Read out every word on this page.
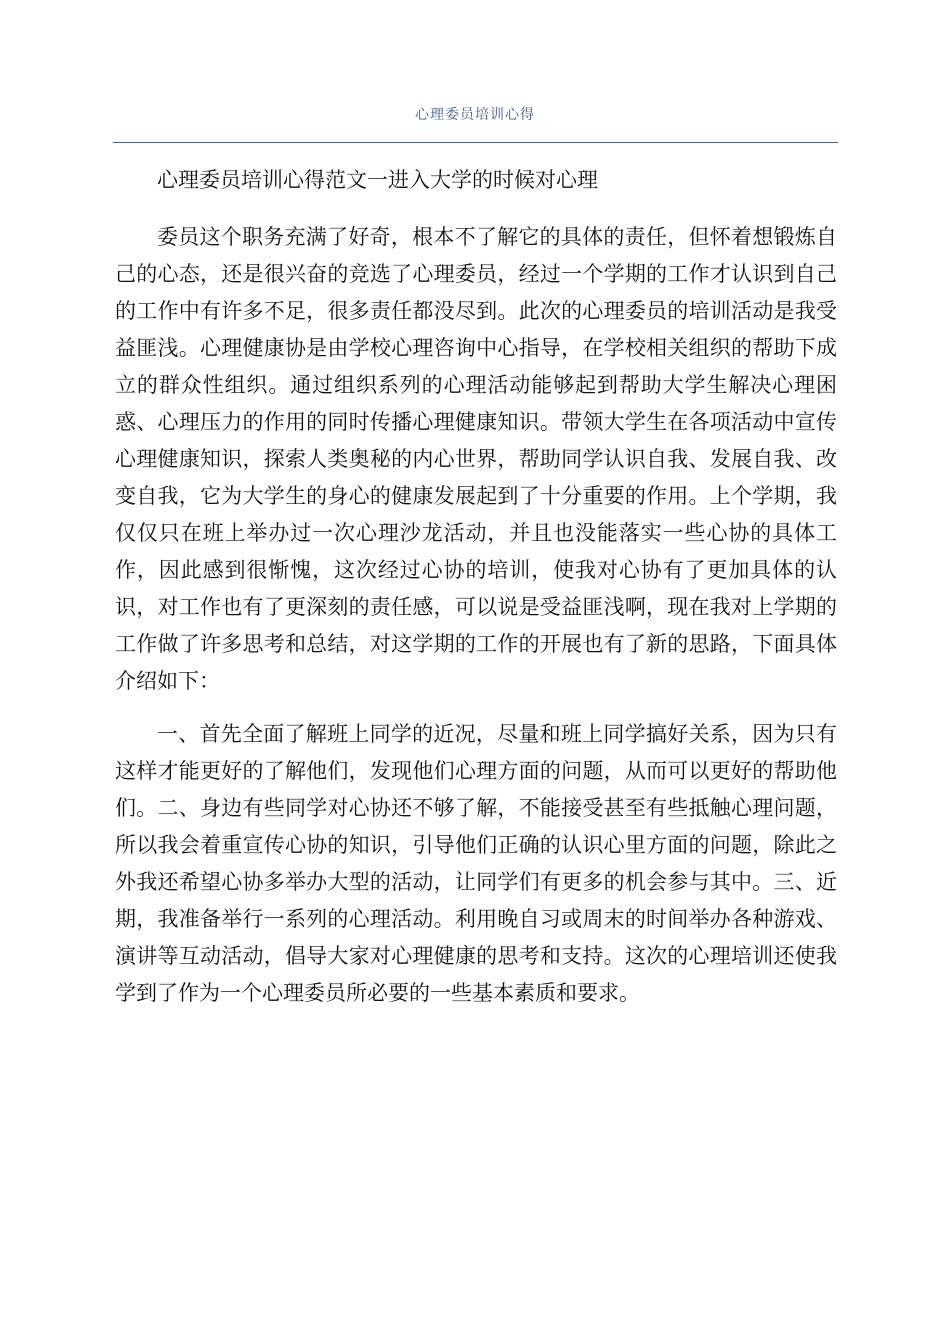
心理委员培训心得

心理委员培训心得范文一进入大学的时候对心理

委员这个职务充满了好奇，根本不了解它的具体的责任，但怀着想锻炼自己的心态，还是很兴奋的竞选了心理委员，经过一个学期的工作才认识到自己的工作中有许多不足，很多责任都没尽到。此次的心理委员的培训活动是我受益匪浅。心理健康协是由学校心理咨询中心指导，在学校相关组织的帮助下成立的群众性组织。通过组织系列的心理活动能够起到帮助大学生解决心理困惑、心理压力的作用的同时传播心理健康知识。带领大学生在各项活动中宣传心理健康知识，探索人类奥秘的内心世界，帮助同学认识自我、发展自我、改变自我，它为大学生的身心的健康发展起到了十分重要的作用。上个学期，我仅仅只在班上举办过一次心理沙龙活动，并且也没能落实一些心协的具体工作，因此感到很惭愧，这次经过心协的培训，使我对心协有了更加具体的认识，对工作也有了更深刻的责任感，可以说是受益匪浅啊，现在我对上学期的工作做了许多思考和总结，对这学期的工作的开展也有了新的思路，下面具体介绍如下：

一、首先全面了解班上同学的近况，尽量和班上同学搞好关系，因为只有这样才能更好的了解他们，发现他们心理方面的问题，从而可以更好的帮助他们。二、身边有些同学对心协还不够了解，不能接受甚至有些抵触心理问题，所以我会着重宣传心协的知识，引导他们正确的认识心里方面的问题，除此之外我还希望心协多举办大型的活动，让同学们有更多的机会参与其中。三、近期，我准备举行一系列的心理活动。利用晚自习或周末的时间举办各种游戏、演讲等互动活动，倡导大家对心理健康的思考和支持。这次的心理培训还使我学到了作为一个心理委员所必要的一些基本素质和要求。
